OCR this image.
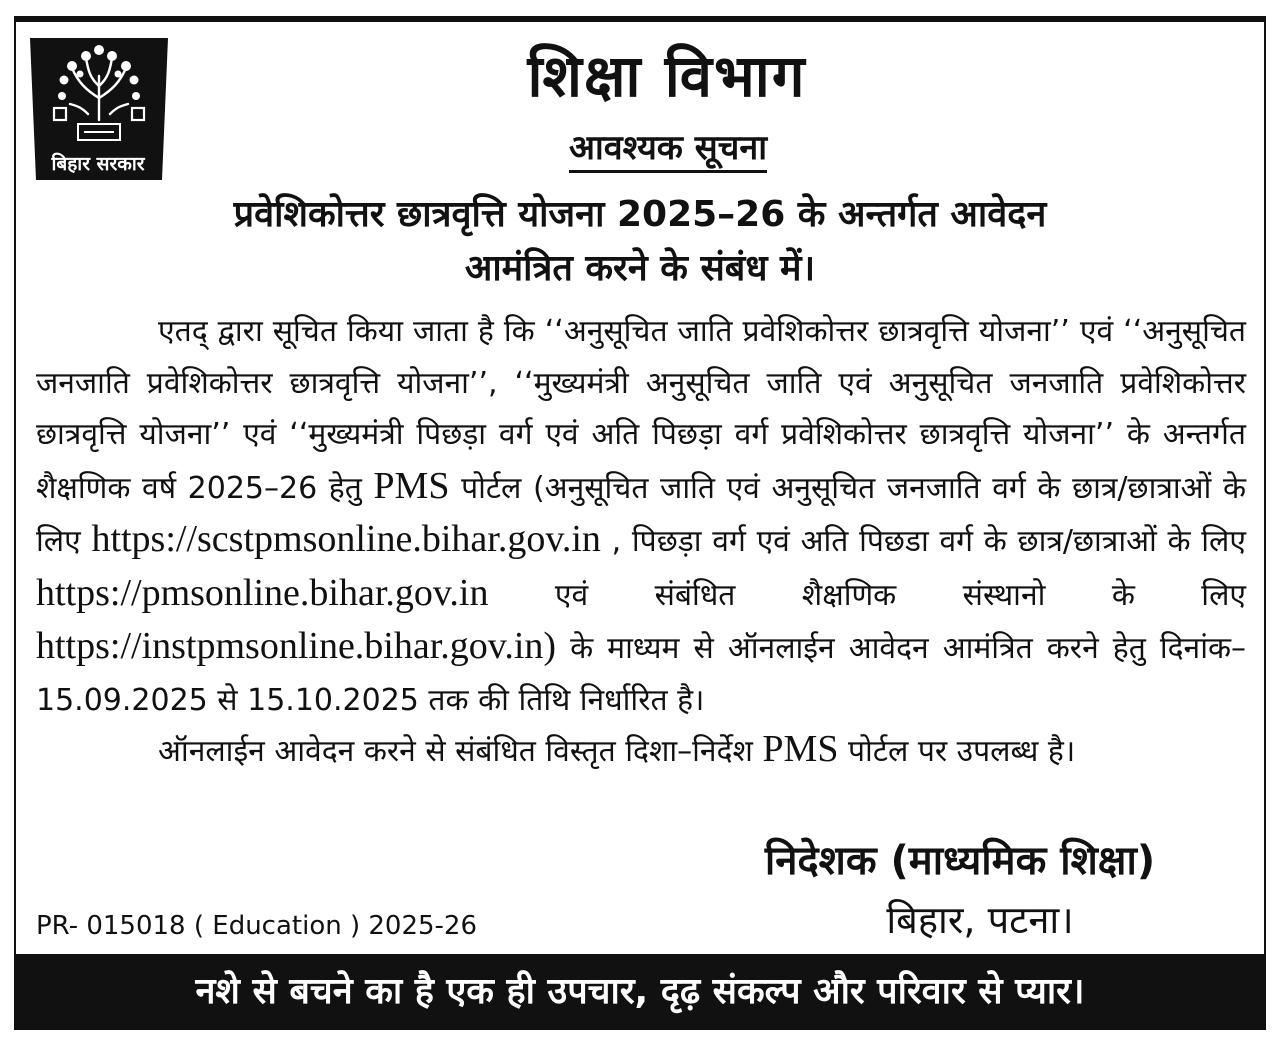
बिहार सरकार
शिक्षा विभाग
आवश्यक सूचना
प्रवेशिकोत्तर छात्रवृत्ति योजना 2025–26 के अन्तर्गत आवेदन
आमंत्रित करने के संबंध में।

एतद् द्वारा सूचित किया जाता है कि ‘‘अनुसूचित जाति प्रवेशिकोत्तर छात्रवृत्ति योजना’’ एवं ‘‘अनुसूचित जनजाति प्रवेशिकोत्तर छात्रवृत्ति योजना’’, ‘‘मुख्यमंत्री अनुसूचित जाति एवं अनुसूचित जनजाति प्रवेशिकोत्तर छात्रवृत्ति योजना’’ एवं ‘‘मुख्यमंत्री पिछड़ा वर्ग एवं अति पिछड़ा वर्ग प्रवेशिकोत्तर छात्रवृत्ति योजना’’ के अन्तर्गत शैक्षणिक वर्ष 2025–26 हेतु PMS पोर्टल (अनुसूचित जाति एवं अनुसूचित जनजाति वर्ग के छात्र/छात्राओं के लिए https://scstpmsonline.bihar.gov.in , पिछड़ा वर्ग एवं अति पिछडा वर्ग के छात्र/छात्राओं के लिए https://pmsonline.bihar.gov.in एवं संबंधित शैक्षणिक संस्थानो के लिए https://instpmsonline.bihar.gov.in) के माध्यम से ऑनलाईन आवेदन आमंत्रित करने हेतु दिनांक–15.09.2025 से 15.10.2025 तक की तिथि निर्धारित है।

ऑनलाईन आवेदन करने से संबंधित विस्तृत दिशा–निर्देश PMS पोर्टल पर उपलब्ध है।

निदेशक (माध्यमिक शिक्षा)
बिहार, पटना।
PR- 015018 ( Education ) 2025-26
नशे से बचने का है एक ही उपचार, दृढ़ संकल्प और परिवार से प्यार।
